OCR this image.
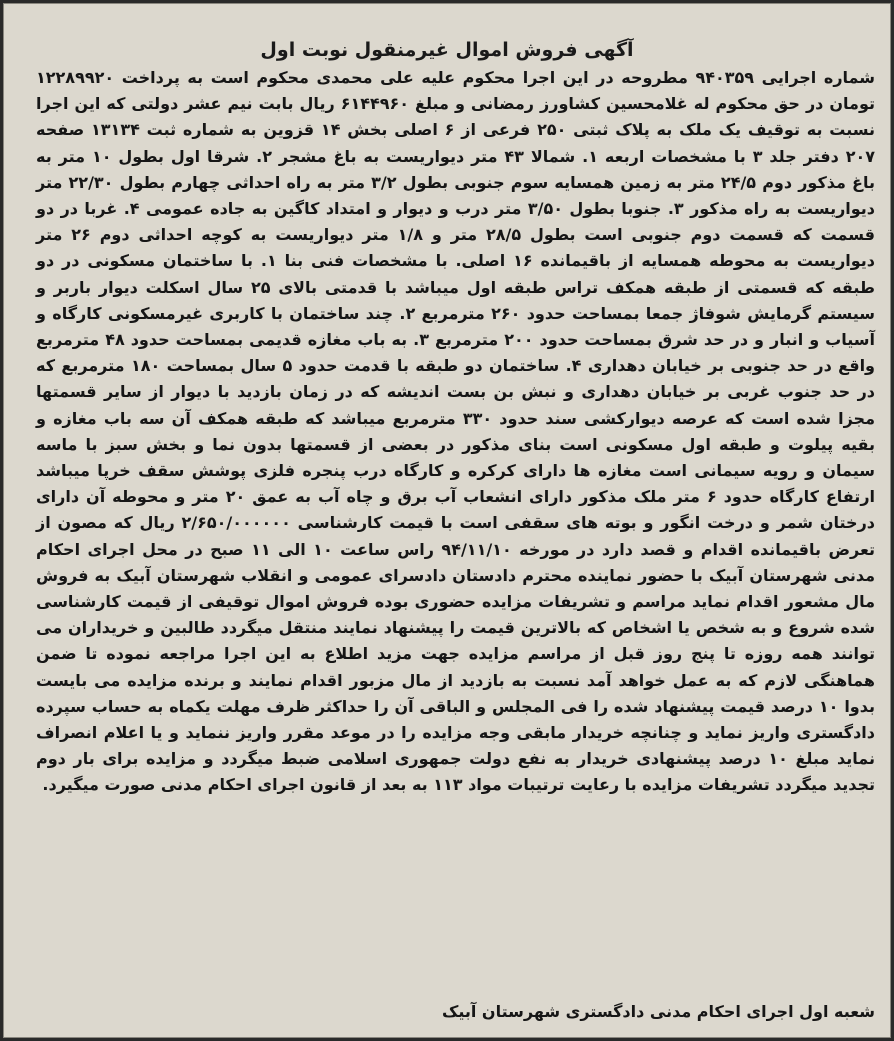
آگهی فروش اموال غیرمنقول نوبت اول

شماره اجرایی ۹۴۰۳۵۹ مطروحه در این اجرا محکوم علیه علی محمدی محکوم است به پرداخت ۱۲۲۸۹۹۲۰ تومان در حق محکوم له غلامحسین کشاورز رمضانی و مبلغ ۶۱۴۴۹۶۰ ریال بابت نیم عشر دولتی که این اجرا نسبت به توقیف یک ملک به پلاک ثبتی ۲۵۰ فرعی از ۶ اصلی بخش ۱۴ قزوین به شماره ثبت ۱۳۱۳۴ صفحه ۲۰۷ دفتر جلد ۳ با مشخصات اربعه ۱. شمالا ۴۳ متر دیواریست به باغ مشجر ۲. شرقا اول بطول ۱۰ متر به باغ مذکور دوم ۲۴/۵ متر به زمین همسایه سوم جنوبی بطول ۳/۲ متر به راه احداثی چهارم بطول ۲۲/۳۰ متر دیواریست به راه مذکور ۳. جنوبا بطول ۳/۵۰ متر درب و دیوار و امتداد کاگین به جاده عمومی ۴. غربا در دو قسمت که قسمت دوم جنوبی است بطول ۲۸/۵ متر و ۱/۸ متر دیواریست به کوچه احداثی دوم ۲۶ متر دیواریست به محوطه همسایه از باقیمانده ۱۶ اصلی. با مشخصات فنی بنا ۱. با ساختمان مسکونی در دو طبقه که قسمتی از طبقه همکف تراس طبقه اول میباشد با قدمتی بالای ۲۵ سال اسکلت دیوار باربر و سیستم گرمایش شوفاژ جمعا بمساحت حدود ۲۶۰ مترمربع ۲. چند ساختمان با کاربری غیرمسکونی کارگاه و آسیاب و انبار و در حد شرق بمساحت حدود ۲۰۰ مترمربع ۳. به باب مغازه قدیمی بمساحت حدود ۴۸ مترمربع واقع در حد جنوبی بر خیابان دهداری ۴. ساختمان دو طبقه با قدمت حدود ۵ سال بمساحت ۱۸۰ مترمربع که در حد جنوب غربی بر خیابان دهداری و نبش بن بست اندیشه که در زمان بازدید با دیوار از سایر قسمتها مجزا شده است که عرصه دیوارکشی سند حدود ۳۳۰ مترمربع میباشد که طبقه همکف آن سه باب مغازه و بقیه پیلوت و طبقه اول مسکونی است بنای مذکور در بعضی از قسمتها بدون نما و بخش سبز با ماسه سیمان و رویه سیمانی است مغازه ها دارای کرکره و کارگاه درب پنجره فلزی پوشش سقف خرپا میباشد ارتفاع کارگاه حدود ۶ متر ملک مذکور دارای انشعاب آب برق و چاه آب به عمق ۲۰ متر و محوطه آن دارای درختان شمر و درخت انگور و بوته های سقفی است با قیمت کارشناسی ۲/۶۵۰/۰۰۰۰۰۰ ریال که مصون از تعرض باقیمانده اقدام و قصد دارد در مورخه ۹۴/۱۱/۱۰ راس ساعت ۱۰ الی ۱۱ صبح در محل اجرای احکام مدنی شهرستان آبیک با حضور نماینده محترم دادستان دادسرای عمومی و انقلاب شهرستان آبیک به فروش مال مشعور اقدام نماید مراسم و تشریفات مزایده حضوری بوده فروش اموال توقیفی از قیمت کارشناسی شده شروع و به شخص یا اشخاص که بالاترین قیمت را پیشنهاد نمایند منتقل میگردد طالبین و خریداران می توانند همه روزه تا پنج روز قبل از مراسم مزایده جهت مزید اطلاع به این اجرا مراجعه نموده تا ضمن هماهنگی لازم که به عمل خواهد آمد نسبت به بازدید از مال مزبور اقدام نمایند و برنده مزایده می بایست بدوا ۱۰ درصد قیمت پیشنهاد شده را فی المجلس و الباقی آن را حداکثر ظرف مهلت یکماه به حساب سپرده دادگستری واریز نماید و چنانچه خریدار مابقی وجه مزایده را در موعد مقرر واریز ننماید و یا اعلام انصراف نماید مبلغ ۱۰ درصد پیشنهادی خریدار به نفع دولت جمهوری اسلامی ضبط میگردد و مزایده برای بار دوم تجدید میگردد تشریفات مزایده با رعایت ترتیبات مواد ۱۱۳ به بعد از قانون اجرای احکام مدنی صورت میگیرد.

شعبه اول اجرای احکام مدنی دادگستری شهرستان آبیک
